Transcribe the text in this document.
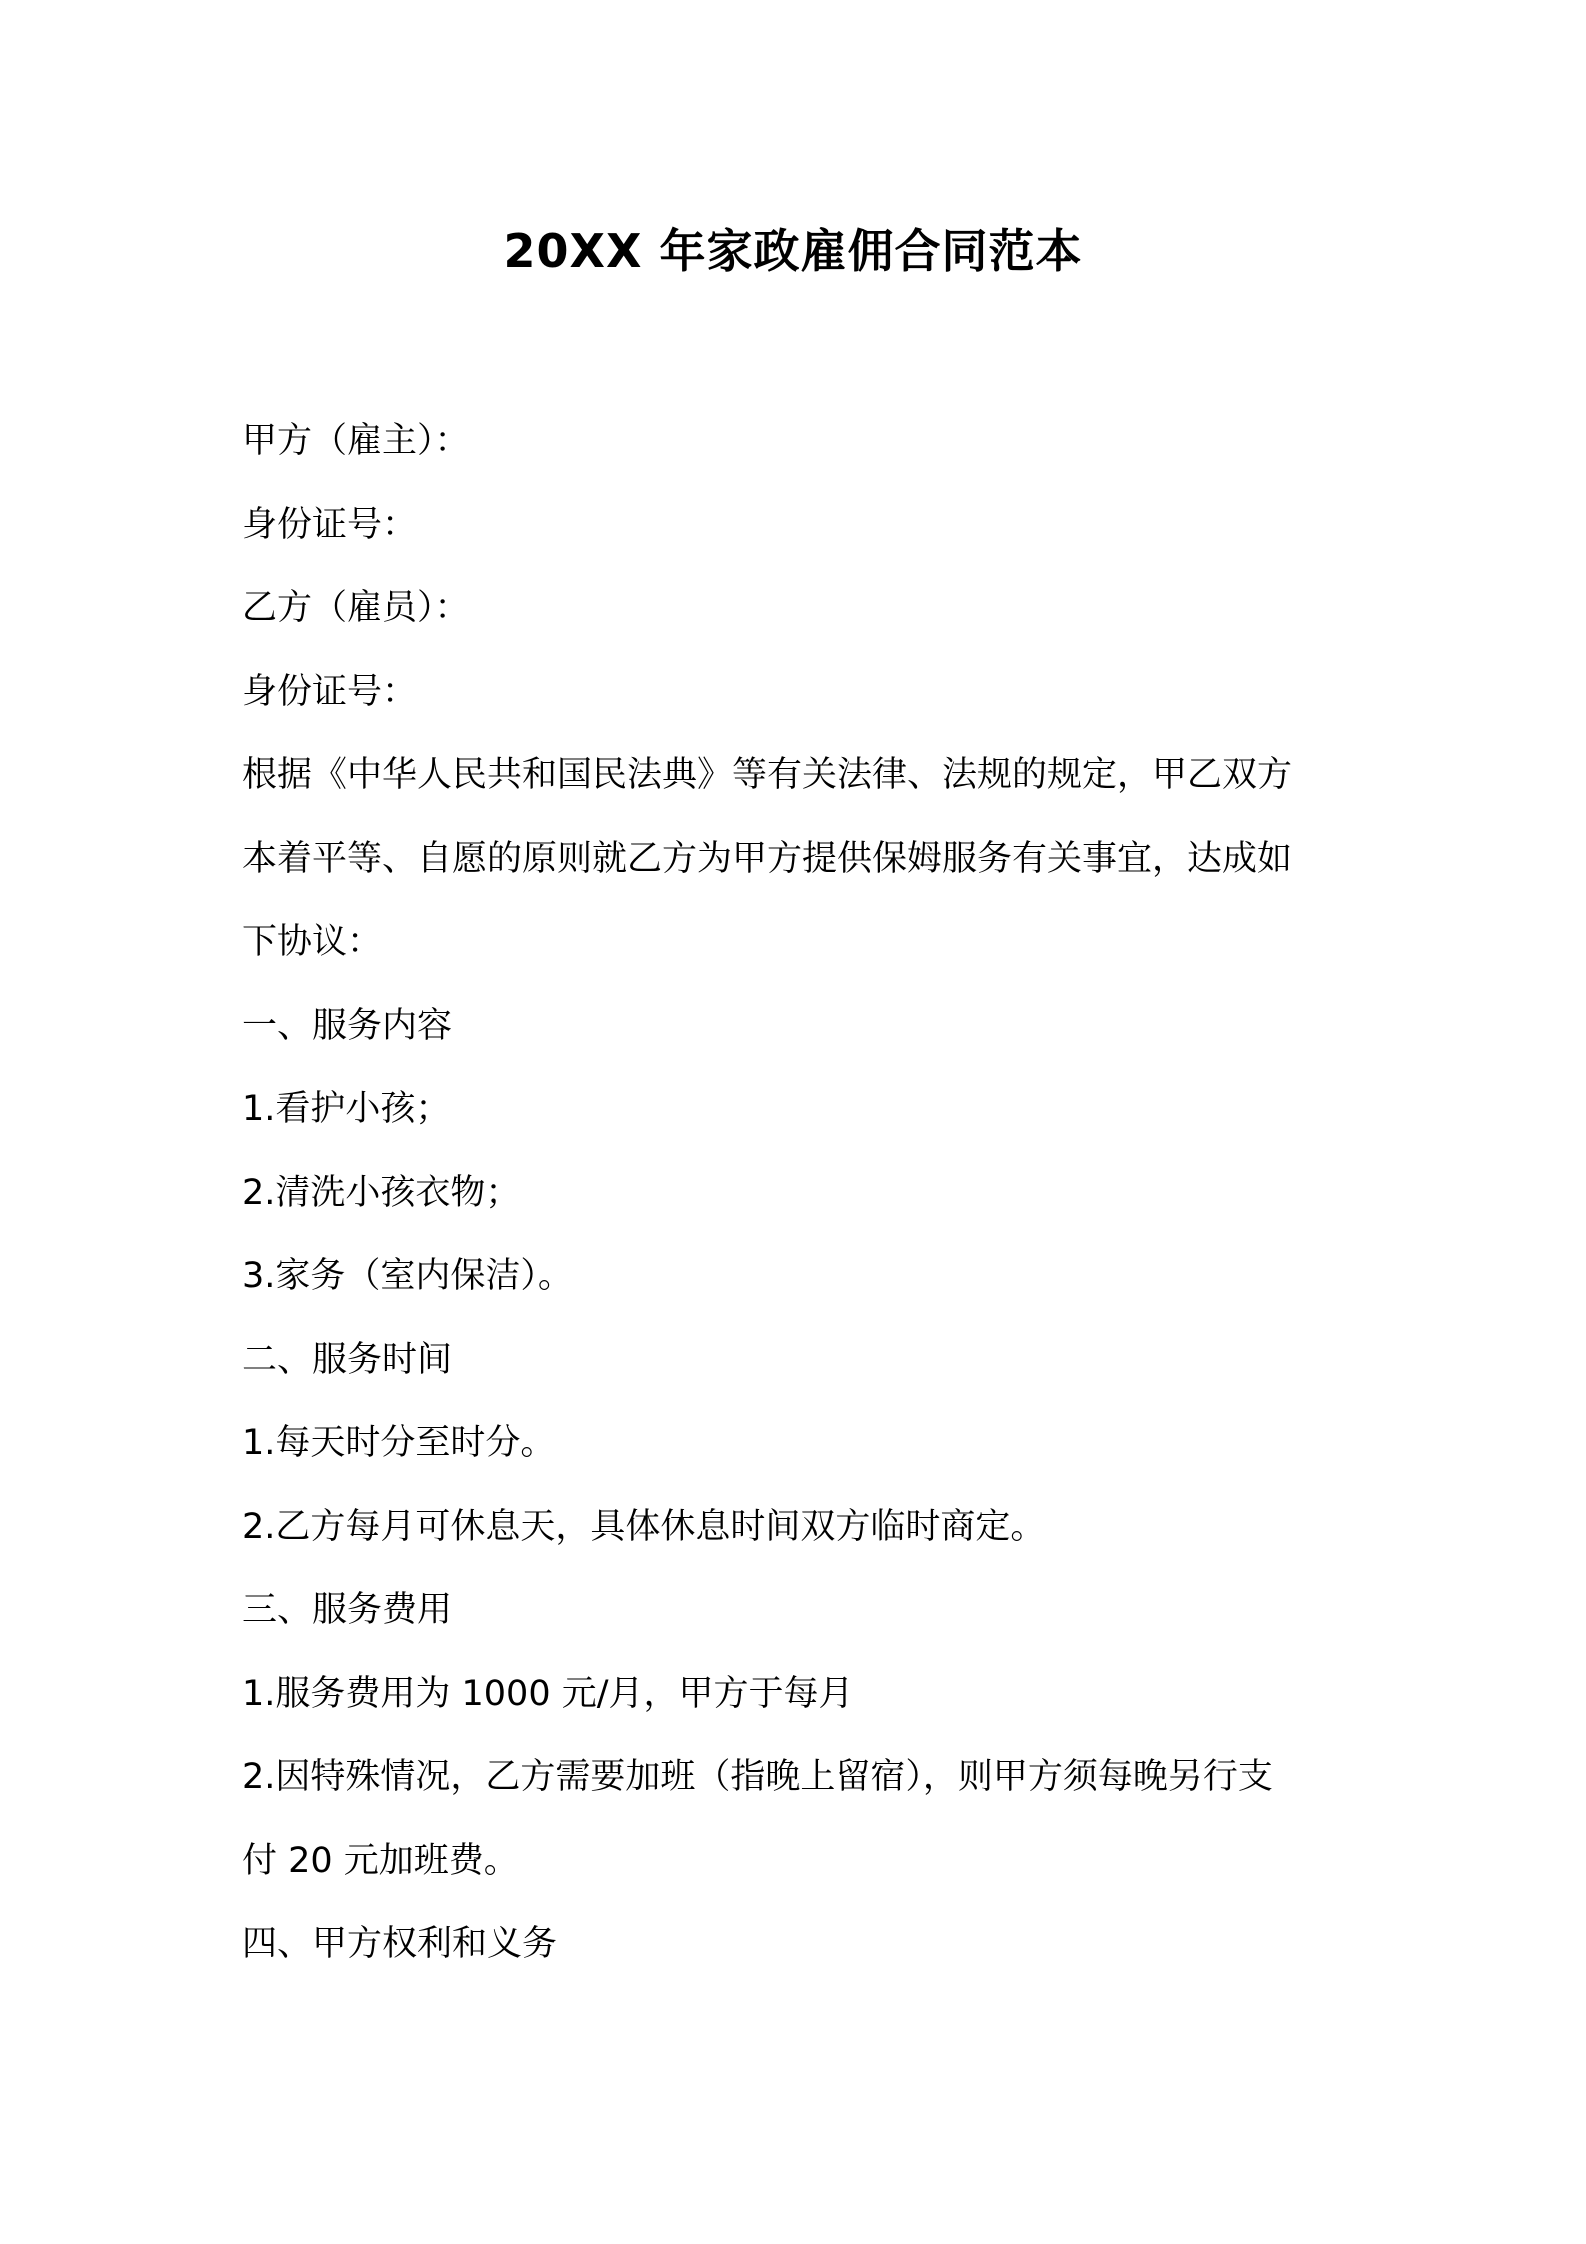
20XX 年家政雇佣合同范本

甲方（雇主）：

身份证号：

乙方（雇员）：

身份证号：

根据《中华人民共和国民法典》等有关法律、法规的规定，甲乙双方

本着平等、自愿的原则就乙方为甲方提供保姆服务有关事宜，达成如

下协议：

一、服务内容

1.看护小孩；

2.清洗小孩衣物；

3.家务（室内保洁）。

二、服务时间

1.每天时分至时分。

2.乙方每月可休息天，具体休息时间双方临时商定。

三、服务费用

1.服务费用为 1000 元/月，甲方于每月

2.因特殊情况，乙方需要加班（指晚上留宿），则甲方须每晚另行支

付 20 元加班费。

四、甲方权利和义务
